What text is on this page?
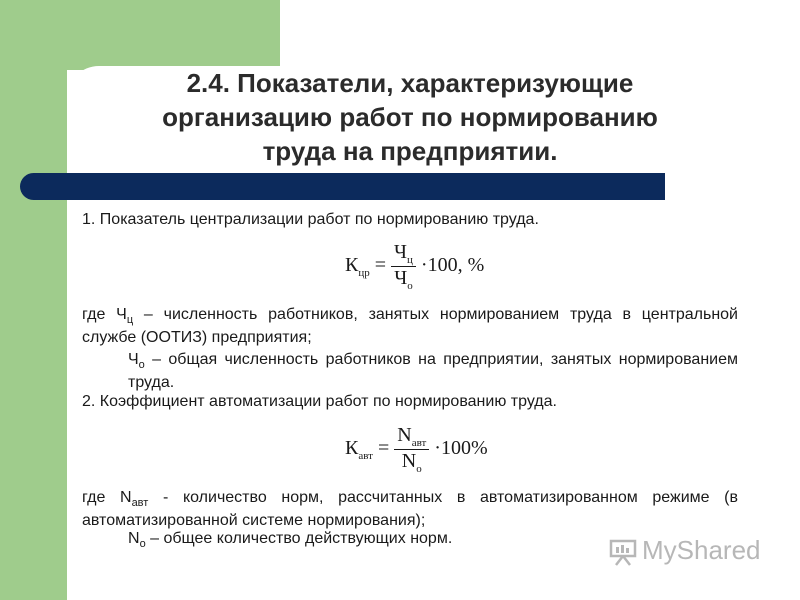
2.4. Показатели, характеризующие
организацию работ по нормированию
труда на предприятии.
1. Показатель централизации работ по нормированию труда.
$К_{цр} = \frac{Ч_ц}{Ч_о} \cdot 100$, %
где $Ч_ц$ – численность работников, занятых нормированием труда в центральной службе (ООТИЗ) предприятия;
$Ч_о$ – общая численность работников на предприятии, занятых нормированием труда.
2. Коэффициент автоматизации работ по нормированию труда.
$К_{авт} = \frac{N_{авт}}{N_о} \cdot 100\%$
где $N_{авт}$ - количество норм, рассчитанных в автоматизированном режиме (в автоматизированной системе нормирования);
$N_о$ – общее количество действующих норм.	MyShared
